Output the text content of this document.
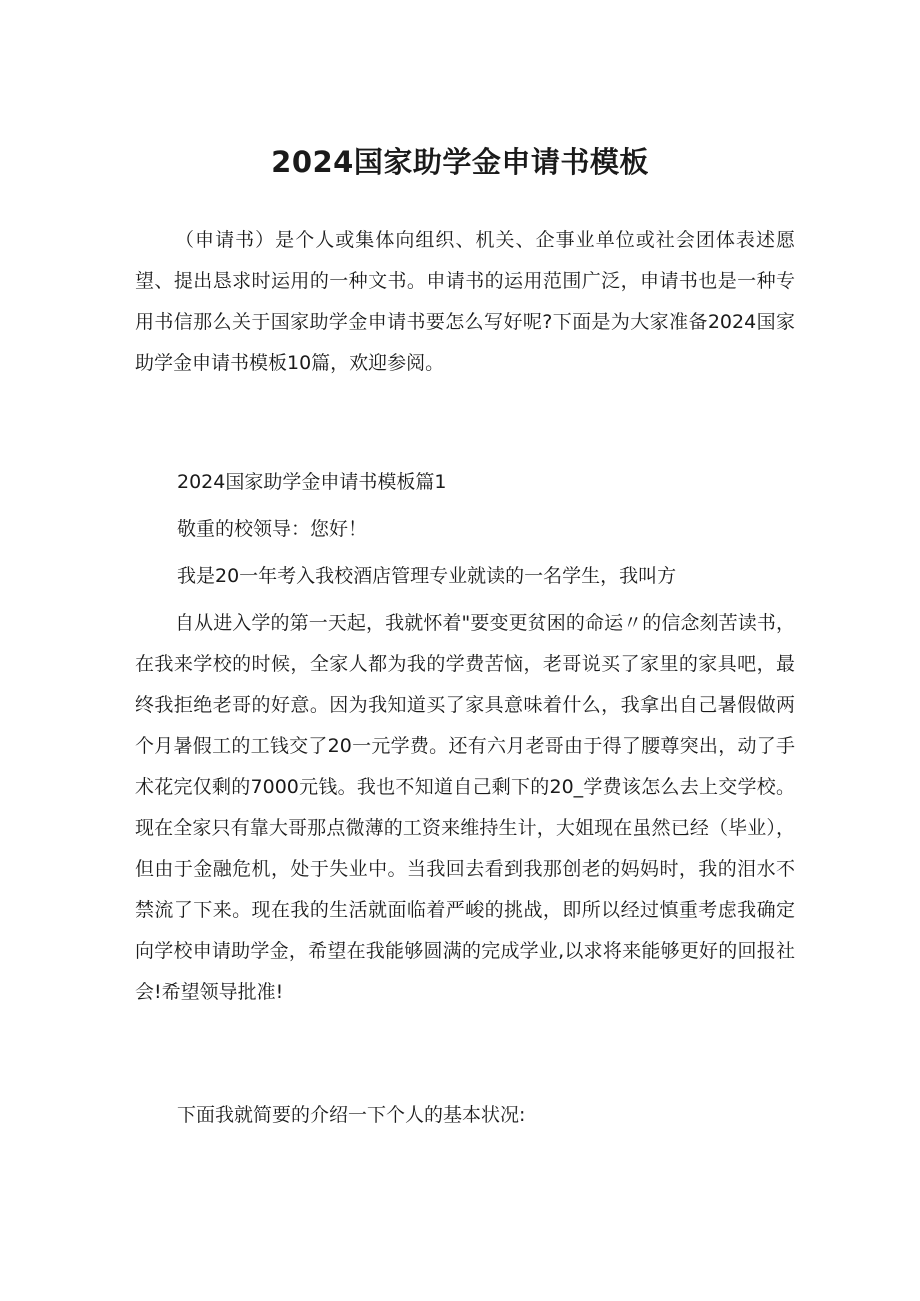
2024国家助学金申请书模板

（申请书）是个人或集体向组织、机关、企事业单位或社会团体表述愿望、提出恳求时运用的一种文书。申请书的运用范围广泛，申请书也是一种专用书信那么关于国家助学金申请书要怎么写好呢?下面是为大家准备2024国家助学金申请书模板10篇，欢迎参阅。

2024国家助学金申请书模板篇1

敬重的校领导：您好！

我是20一年考入我校酒店管理专业就读的一名学生，我叫方

自从进入学的第一天起，我就怀着"要变更贫困的命运〃的信念刻苦读书，在我来学校的时候，全家人都为我的学费苦恼，老哥说买了家里的家具吧，最终我拒绝老哥的好意。因为我知道买了家具意味着什么，我拿出自己暑假做两个月暑假工的工钱交了20一元学费。还有六月老哥由于得了腰尊突出，动了手术花完仅剩的7000元钱。我也不知道自己剩下的20_学费该怎么去上交学校。现在全家只有靠大哥那点微薄的工资来维持生计，大姐现在虽然已经（毕业），但由于金融危机，处于失业中。当我回去看到我那创老的妈妈时，我的泪水不禁流了下来。现在我的生活就面临着严峻的挑战，即所以经过慎重考虑我确定向学校申请助学金，希望在我能够圆满的完成学业,以求将来能够更好的回报社会!希望领导批准!

下面我就简要的介绍一下个人的基本状况:
